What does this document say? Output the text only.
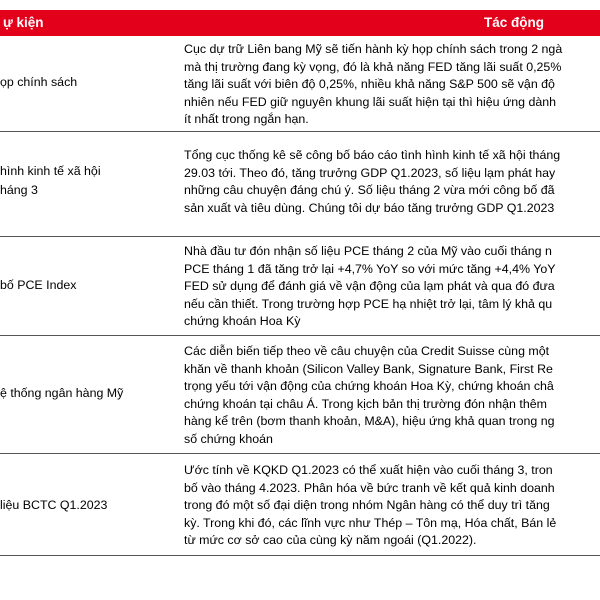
ự kiện	Tác động
ọp chính sách
Cục dự trữ Liên bang Mỹ sẽ tiến hành kỳ họp chính sách trong 2 ngà
mà thị trường đang kỳ vọng, đó là khả năng FED tăng lãi suất 0,25%
tăng lãi suất với biên độ 0,25%, nhiều khả năng S&P 500 sẽ vận độ
nhiên nếu FED giữ nguyên khung lãi suất hiện tại thì hiệu ứng dành
ít nhất trong ngắn hạn.
hình kinh tế xã hội
háng 3
Tổng cục thống kê sẽ công bố báo cáo tình hình kinh tế xã hội tháng
29.03 tới. Theo đó, tăng trưởng GDP Q1.2023, số liệu lạm phát hay
những câu chuyện đáng chú ý. Số liệu tháng 2 vừa mới công bố đã
sản xuất và tiêu dùng. Chúng tôi dự báo tăng trưởng GDP Q1.2023
bố PCE Index
Nhà đầu tư đón nhận số liệu PCE tháng 2 của Mỹ vào cuối tháng n
PCE tháng 1 đã tăng trở lại +4,7% YoY so với mức tăng +4,4% YoY
FED sử dụng để đánh giá về vận động của lạm phát và qua đó đưa
nếu cần thiết. Trong trường hợp PCE hạ nhiệt trở lại, tâm lý khả qu
chứng khoán Hoa Kỳ
ệ thống ngân hàng Mỹ
Các diễn biến tiếp theo về câu chuyện của Credit Suisse cùng một
khăn về thanh khoản (Silicon Valley Bank, Signature Bank, First Re
trọng yếu tới vận động của chứng khoán Hoa Kỳ, chứng khoán châ
chứng khoán tại châu Á. Trong kịch bản thị trường đón nhận thêm
hàng kể trên (bơm thanh khoản, M&A), hiệu ứng khả quan trong ng
số chứng khoán
liệu BCTC Q1.2023
Ước tính về KQKD Q1.2023 có thể xuất hiện vào cuối tháng 3, tron
bố vào tháng 4.2023. Phân hóa về bức tranh về kết quả kinh doanh
trong đó một số đại diện trong nhóm Ngân hàng có thể duy trì tăng
kỳ. Trong khi đó, các lĩnh vực như Thép – Tôn mạ, Hóa chất, Bán lẻ
từ mức cơ sở cao của cùng kỳ năm ngoái (Q1.2022).
